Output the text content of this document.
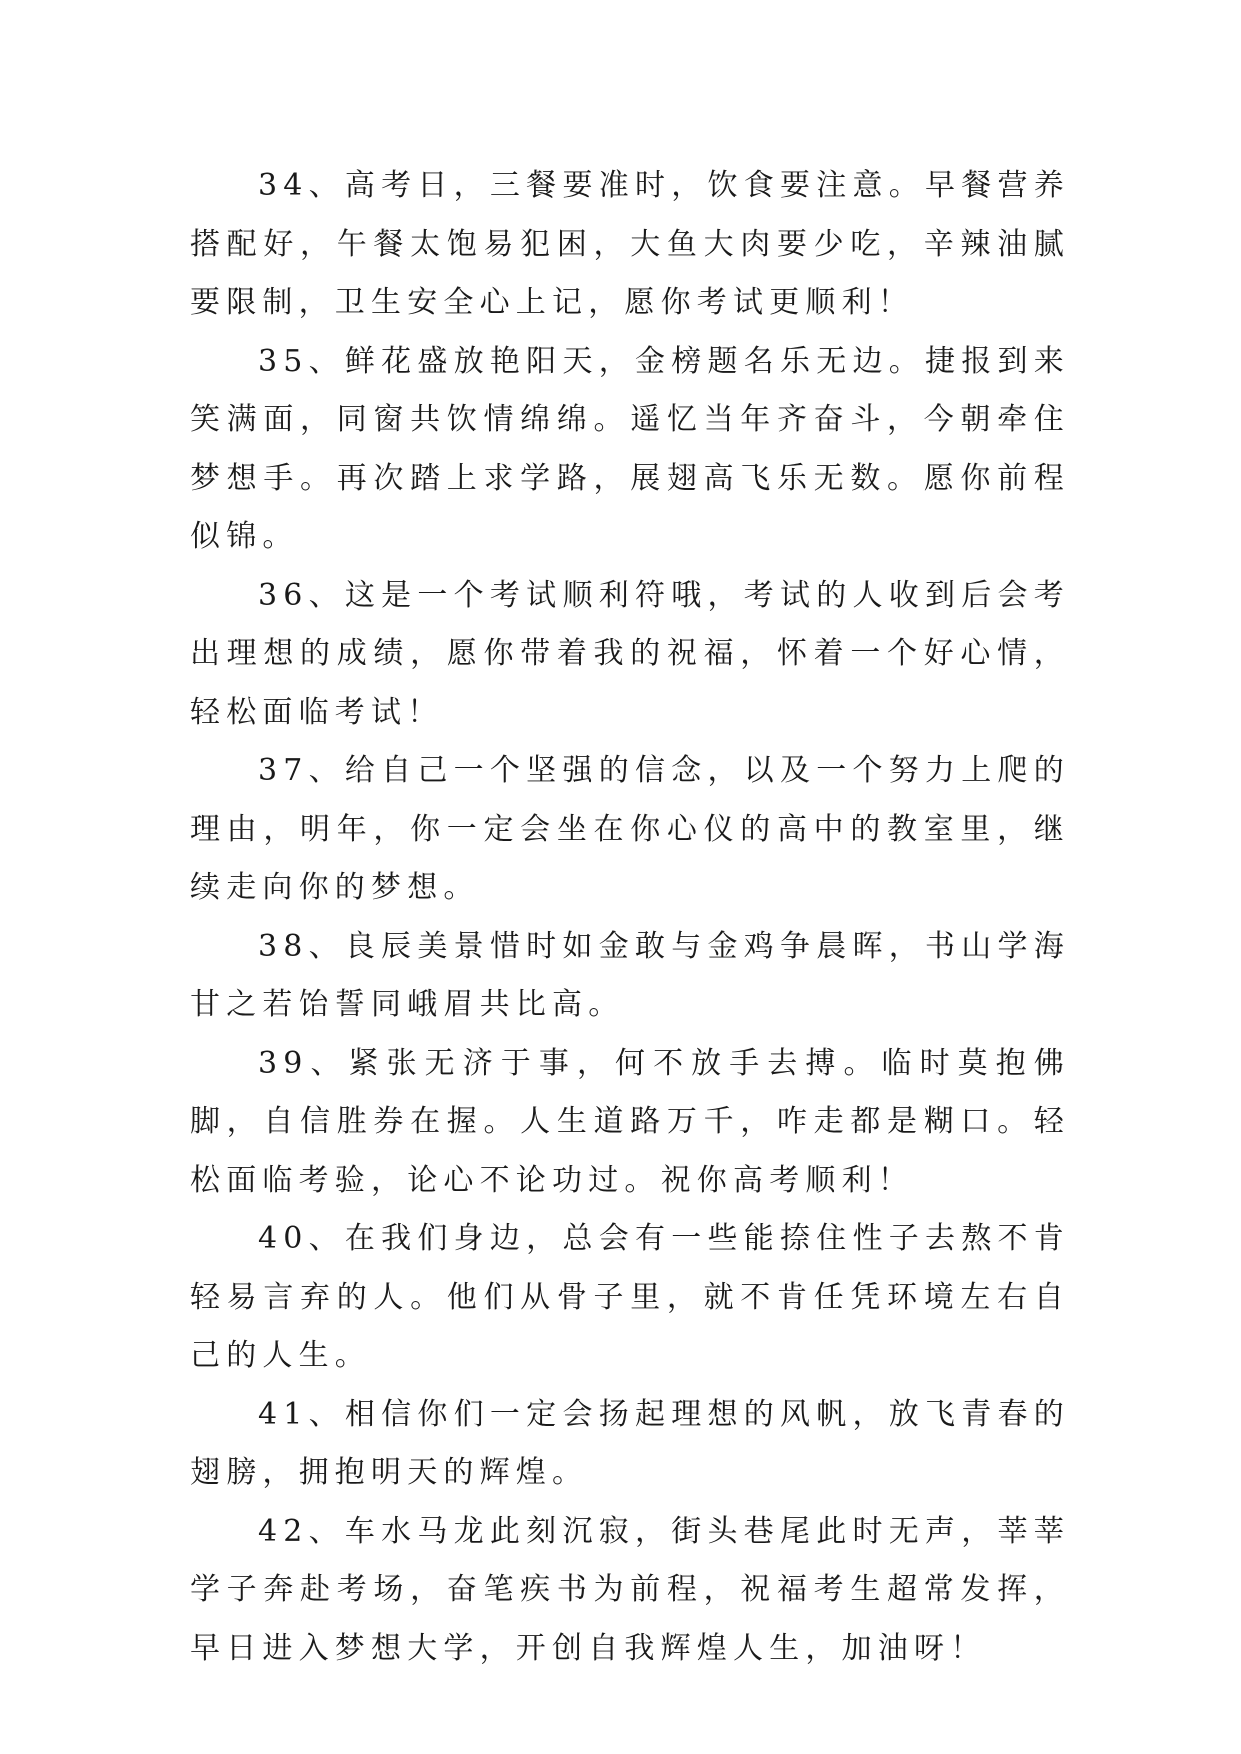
34、高考日，三餐要准时，饮食要注意。早餐营养搭配好，午餐太饱易犯困，大鱼大肉要少吃，辛辣油腻要限制，卫生安全心上记，愿你考试更顺利！

35、鲜花盛放艳阳天，金榜题名乐无边。捷报到来笑满面，同窗共饮情绵绵。遥忆当年齐奋斗，今朝牵住梦想手。再次踏上求学路，展翅高飞乐无数。愿你前程似锦。

36、这是一个考试顺利符哦，考试的人收到后会考出理想的成绩，愿你带着我的祝福，怀着一个好心情，轻松面临考试！

37、给自己一个坚强的信念，以及一个努力上爬的理由，明年，你一定会坐在你心仪的高中的教室里，继续走向你的梦想。

38、良辰美景惜时如金敢与金鸡争晨晖，书山学海甘之若饴誓同峨眉共比高。

39、紧张无济于事，何不放手去搏。临时莫抱佛脚，自信胜券在握。人生道路万千，咋走都是糊口。轻松面临考验，论心不论功过。祝你高考顺利！

40、在我们身边，总会有一些能捺住性子去熬不肯轻易言弃的人。他们从骨子里，就不肯任凭环境左右自己的人生。

41、相信你们一定会扬起理想的风帆，放飞青春的翅膀，拥抱明天的辉煌。

42、车水马龙此刻沉寂，街头巷尾此时无声，莘莘学子奔赴考场，奋笔疾书为前程，祝福考生超常发挥，早日进入梦想大学，开创自我辉煌人生，加油呀！
